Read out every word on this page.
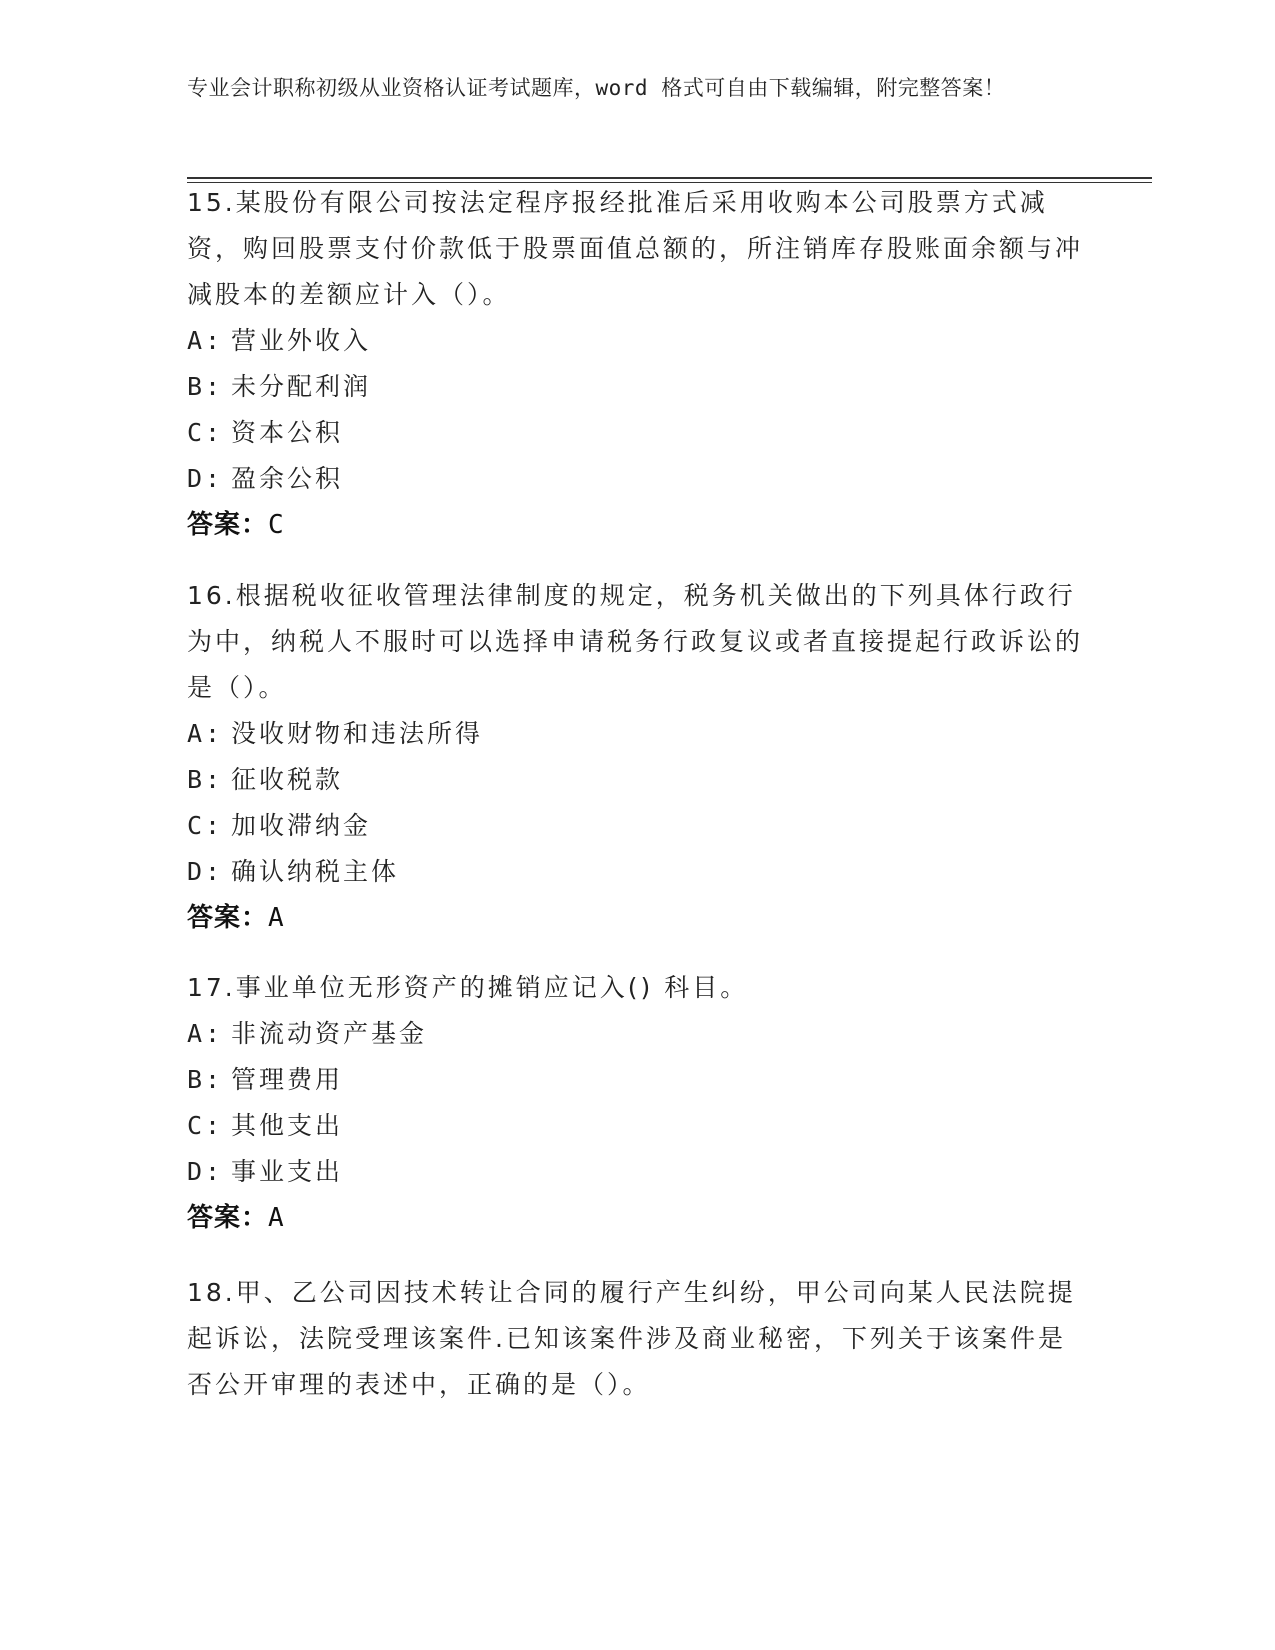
专业会计职称初级从业资格认证考试题库，word 格式可自由下载编辑，附完整答案！

15.某股份有限公司按法定程序报经批准后采用收购本公司股票方式减资，购回股票支付价款低于股票面值总额的，所注销库存股账面余额与冲减股本的差额应计入（）。

A: 营业外收入
B: 未分配利润
C: 资本公积
D: 盈余公积
答案：C

16.根据税收征收管理法律制度的规定，税务机关做出的下列具体行政行为中，纳税人不服时可以选择申请税务行政复议或者直接提起行政诉讼的是（）。

A: 没收财物和违法所得
B: 征收税款
C: 加收滞纳金
D: 确认纳税主体
答案：A

17.事业单位无形资产的摊销应记入() 科目。

A: 非流动资产基金
B: 管理费用
C: 其他支出
D: 事业支出
答案：A

18.甲、乙公司因技术转让合同的履行产生纠纷，甲公司向某人民法院提起诉讼，法院受理该案件.已知该案件涉及商业秘密，下列关于该案件是否公开审理的表述中，正确的是（）。
